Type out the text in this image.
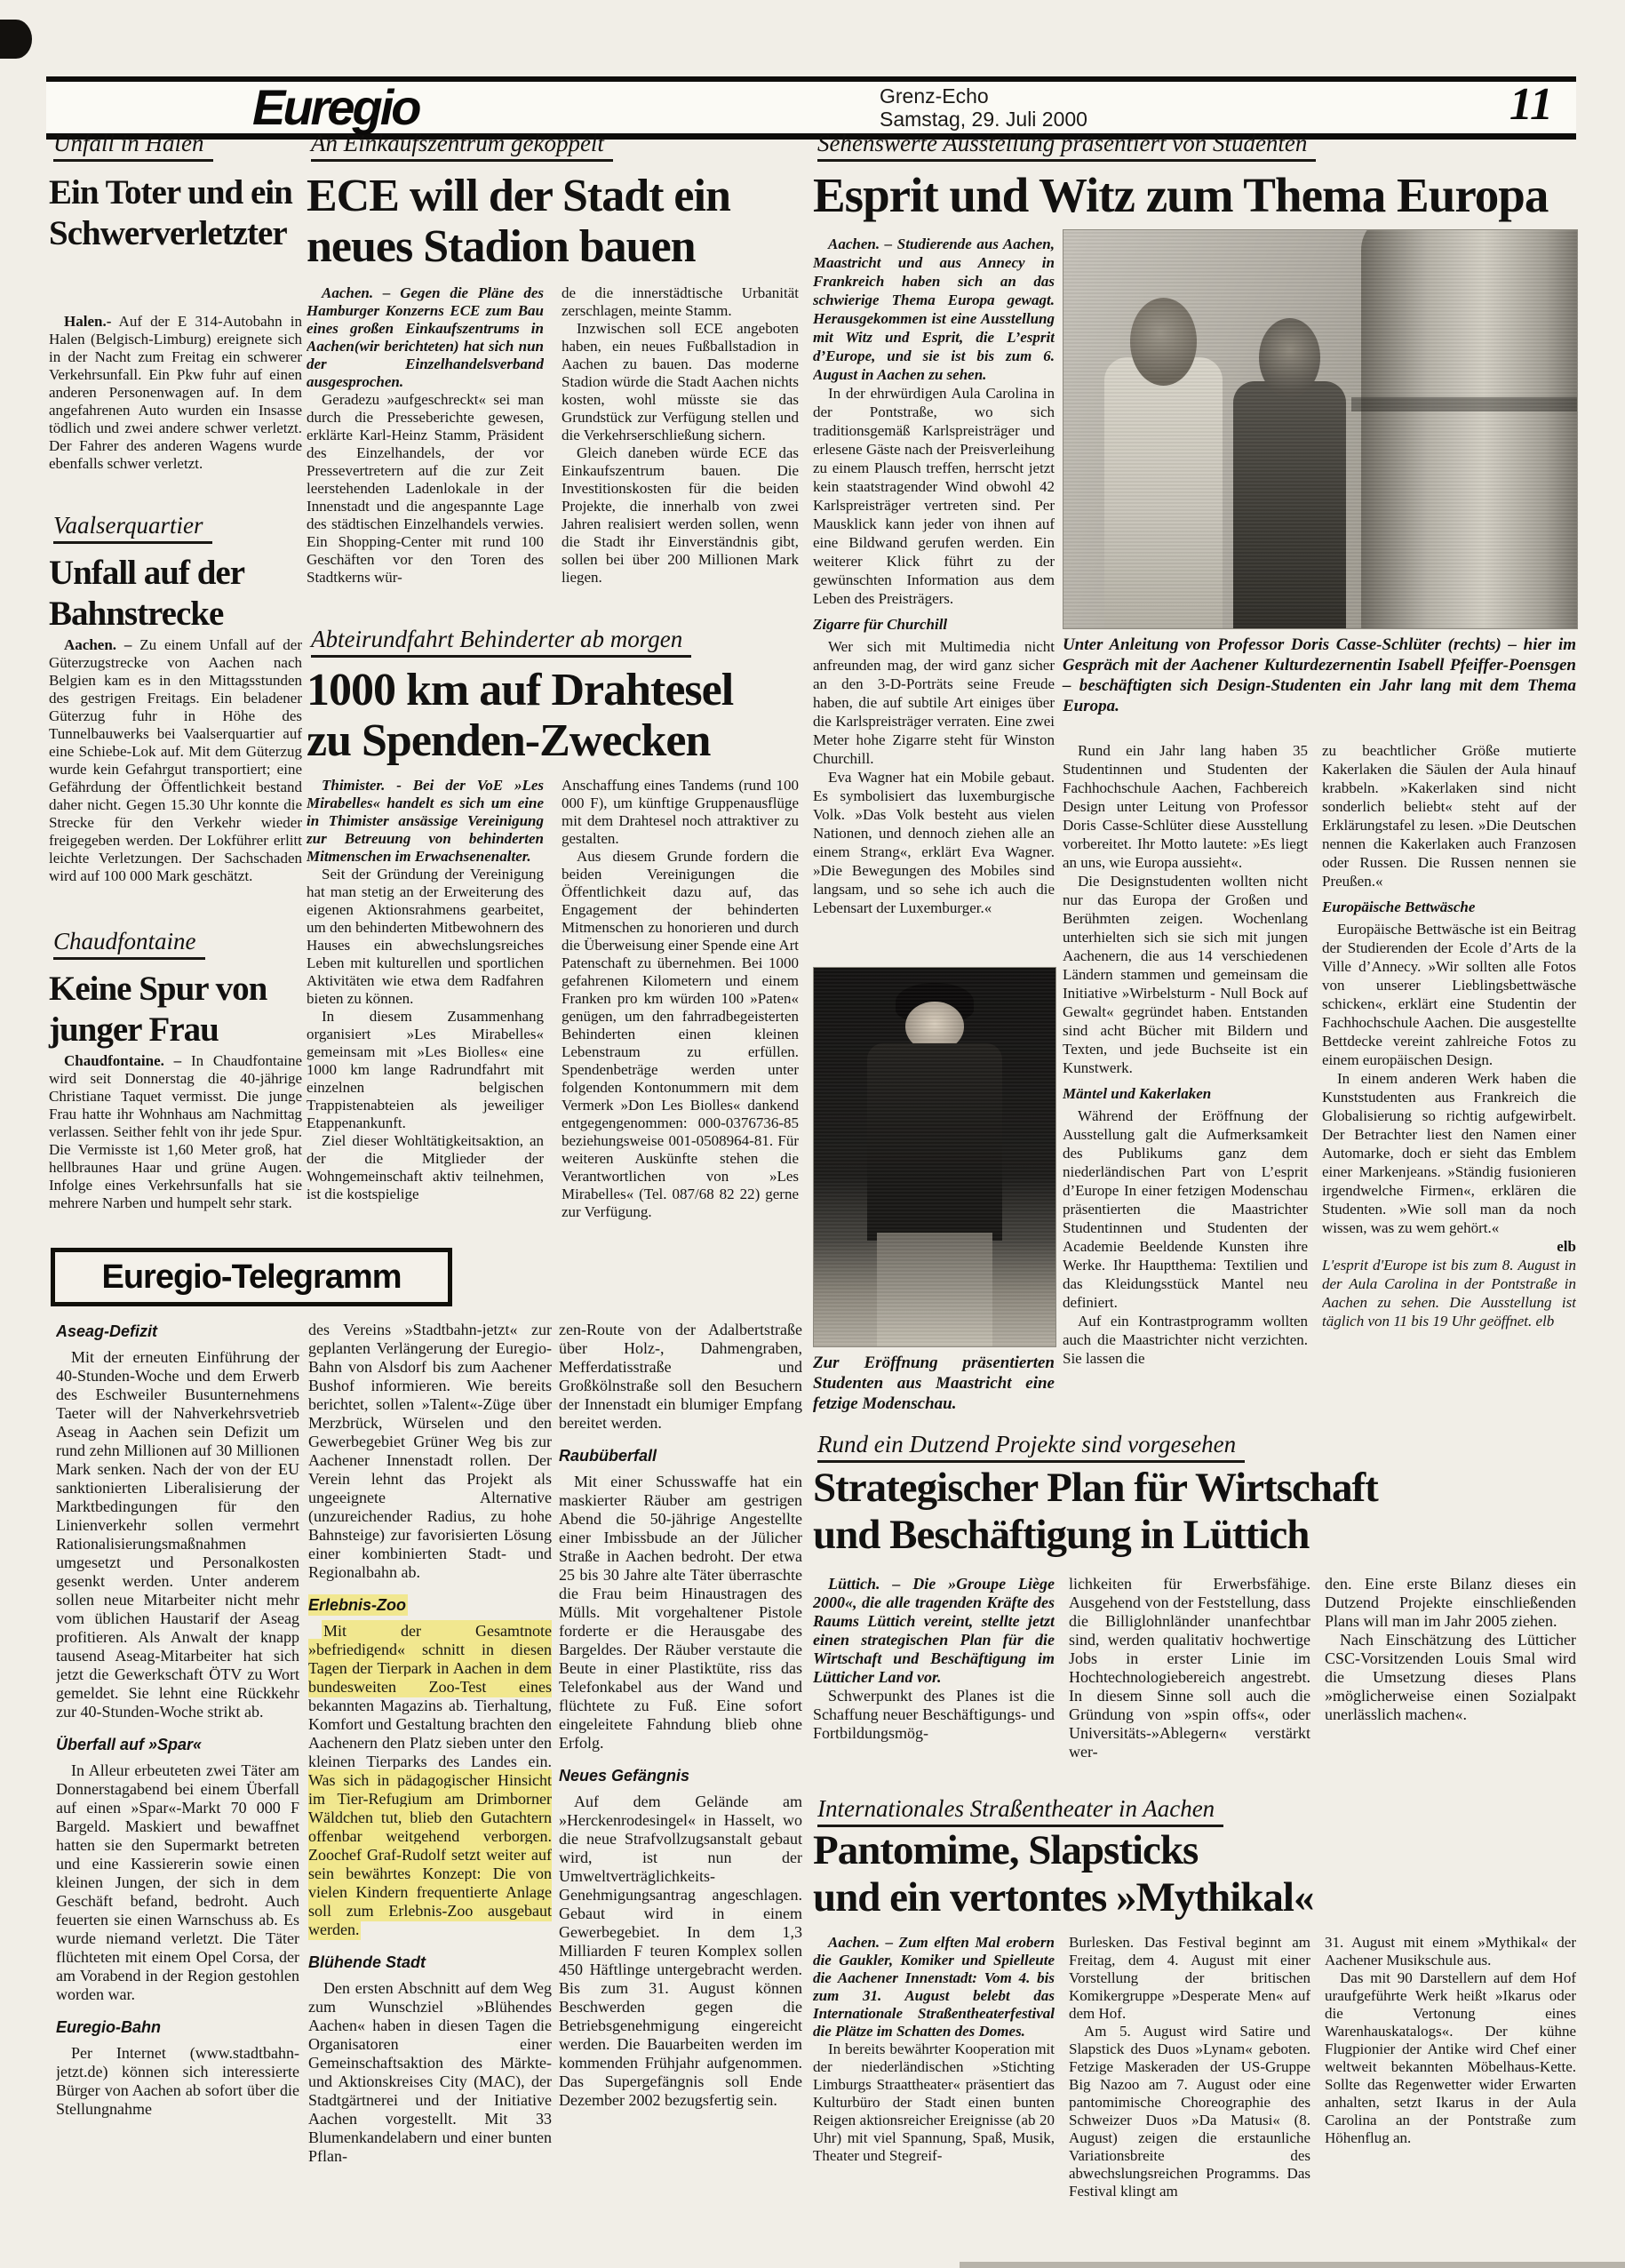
Euregio	Grenz-Echo
Samstag, 29. Juli 2000	11
Unfall in Halen
Ein Toter und ein Schwerverletzter

Halen.- Auf der E 314-Autobahn in Halen (Belgisch-Limburg) ereignete sich in der Nacht zum Freitag ein schwerer Verkehrsunfall. Ein Pkw fuhr auf einen anderen Personenwagen auf. In dem angefahrenen Auto wurden ein Insasse tödlich und zwei andere schwer verletzt. Der Fahrer des anderen Wagens wurde ebenfalls schwer verletzt.

Vaalserquartier
Unfall auf der Bahnstrecke

Aachen. – Zu einem Unfall auf der Güterzugstrecke von Aachen nach Belgien kam es in den Mittagsstunden des gestrigen Freitags. Ein beladener Güterzug fuhr in Höhe des Tunnelbauwerks bei Vaalserquartier auf eine Schiebe-Lok auf. Mit dem Güterzug wurde kein Gefahrgut transportiert; eine Gefährdung der Öffentlichkeit bestand daher nicht. Gegen 15.30 Uhr konnte die Strecke für den Verkehr wieder freigegeben werden. Der Lokführer erlitt leichte Verletzungen. Der Sachschaden wird auf 100 000 Mark geschätzt.

Chaudfontaine
Keine Spur von junger Frau

Chaudfontaine. – In Chaudfontaine wird seit Donnerstag die 40-jährige Christiane Taquet vermisst. Die junge Frau hatte ihr Wohnhaus am Nachmittag verlassen. Seither fehlt von ihr jede Spur. Die Vermisste ist 1,60 Meter groß, hat hellbraunes Haar und grüne Augen. Infolge eines Verkehrsunfalls hat sie mehrere Narben und humpelt sehr stark.

An Einkaufszentrum gekoppelt
ECE will der Stadt ein
neues Stadion bauen

Aachen. – Gegen die Pläne des Hamburger Konzerns ECE zum Bau eines großen Einkaufszentrums in Aachen(wir berichteten) hat sich nun der Einzelhandelsverband ausgesprochen.

Geradezu »aufgeschreckt« sei man durch die Presseberichte gewesen, erklärte Karl-Heinz Stamm, Präsident des Einzelhandels, der vor Pressevertretern auf die zur Zeit leerstehenden Ladenlokale in der Innenstadt und die angespannte Lage des städtischen Einzelhandels verwies. Ein Shopping-Center mit rund 100 Geschäften vor den Toren des Stadtkerns wür-

de die innerstädtische Urbanität zerschlagen, meinte Stamm.

Inzwischen soll ECE angeboten haben, ein neues Fußballstadion in Aachen zu bauen. Das moderne Stadion würde die Stadt Aachen nichts kosten, wohl müsste sie das Grundstück zur Verfügung stellen und die Verkehrserschließung sichern.

Gleich daneben würde ECE das Einkaufszentrum bauen. Die Investitionskosten für die beiden Projekte, die innerhalb von zwei Jahren realisiert werden sollen, wenn die Stadt ihr Einverständnis gibt, sollen bei über 200 Millionen Mark liegen.

Abteirundfahrt Behinderter ab morgen
1000 km auf Drahtesel
zu Spenden-Zwecken

Thimister. - Bei der VoE »Les Mirabelles« handelt es sich um eine in Thimister ansässige Vereinigung zur Betreuung von behinderten Mitmenschen im Erwachsenenalter.

Seit der Gründung der Vereinigung hat man stetig an der Erweiterung des eigenen Aktionsrahmens gearbeitet, um den behinderten Mitbewohnern des Hauses ein abwechslungsreiches Leben mit kulturellen und sportlichen Aktivitäten wie etwa dem Radfahren bieten zu können.

In diesem Zusammenhang organisiert »Les Mirabelles« gemeinsam mit »Les Biolles« eine 1000 km lange Radrundfahrt mit einzelnen belgischen Trappistenabteien als jeweiliger Etappenankunft.

Ziel dieser Wohltätigkeitsaktion, an der die Mitglieder der Wohngemeinschaft aktiv teilnehmen, ist die kostspielige

Anschaffung eines Tandems (rund 100 000 F), um künftige Gruppenausflüge mit dem Drahtesel noch attraktiver zu gestalten.

Aus diesem Grunde fordern die beiden Vereinigungen die Öffentlichkeit dazu auf, das Engagement der behinderten Mitmenschen zu honorieren und durch die Überweisung einer Spende eine Art Patenschaft zu übernehmen. Bei 1000 gefahrenen Kilometern und einem Franken pro km würden 100 »Paten« genügen, um den fahrradbegeisterten Behinderten einen kleinen Lebenstraum zu erfüllen. Spendenbeträge werden unter folgenden Kontonummern mit dem Vermerk »Don Les Biolles« dankend entgegengenommen: 000-0376736-85 beziehungsweise 001-0508964-81. Für weiteren Auskünfte stehen die Verantwortlichen von »Les Mirabelles« (Tel. 087/68 82 22) gerne zur Verfügung.

Sehenswerte Ausstellung präsentiert von Studenten
Esprit und Witz zum Thema Europa
Unter Anleitung von Professor Doris Casse-Schlüter (rechts) – hier im Gespräch mit der Aachener Kulturdezernentin Isabell Pfeiffer-Poensgen – beschäftigten sich Design-Studenten ein Jahr lang mit dem Thema Europa.

Aachen. – Studierende aus Aachen, Maastricht und aus Annecy in Frankreich haben sich an das schwierige Thema Europa gewagt. Herausgekommen ist eine Ausstellung mit Witz und Esprit, die L’esprit d’Europe, und sie ist bis zum 6. August in Aachen zu sehen.

In der ehrwürdigen Aula Carolina in der Pontstraße, wo sich traditionsgemäß Karlspreisträger und erlesene Gäste nach der Preisverleihung zu einem Plausch treffen, herrscht jetzt kein staatstragender Wind obwohl 42 Karlspreisträger vertreten sind. Per Mausklick kann jeder von ihnen auf eine Bildwand gerufen werden. Ein weiterer Klick führt zu der gewünschten Information aus dem Leben des Preisträgers.

Zigarre für Churchill

Wer sich mit Multimedia nicht anfreunden mag, der wird ganz sicher an den 3-D-Porträts seine Freude haben, die auf subtile Art einiges über die Karlspreisträger verraten. Eine zwei Meter hohe Zigarre steht für Winston Churchill.

Eva Wagner hat ein Mobile gebaut. Es symbolisiert das luxemburgische Volk. »Das Volk besteht aus vielen Nationen, und dennoch ziehen alle an einem Strang«, erklärt Eva Wagner. »Die Bewegungen des Mobiles sind langsam, und so sehe ich auch die Lebensart der Luxemburger.«

Zur Eröffnung präsentierten Studenten aus Maastricht eine fetzige Modenschau.

Rund ein Jahr lang haben 35 Studentinnen und Studenten der Fachhochschule Aachen, Fachbereich Design unter Leitung von Professor Doris Casse-Schlüter diese Ausstellung vorbereitet. Ihr Motto lautete: »Es liegt an uns, wie Europa aussieht«.

Die Designstudenten wollten nicht nur das Europa der Großen und Berühmten zeigen. Wochenlang unterhielten sich sie sich mit jungen Aachenern, die aus 14 verschiedenen Ländern stammen und gemeinsam die Initiative »Wirbelsturm - Null Bock auf Gewalt« gegründet haben. Entstanden sind acht Bücher mit Bildern und Texten, und jede Buchseite ist ein Kunstwerk.

Mäntel und Kakerlaken

Während der Eröffnung der Ausstellung galt die Aufmerksamkeit des Publikums ganz dem niederländischen Part von L’esprit d’Europe In einer fetzigen Modenschau präsentierten die Maastrichter Studentinnen und Studenten der Academie Beeldende Kunsten ihre Werke. Ihr Hauptthema: Textilien und das Kleidungsstück Mantel neu definiert.

Auf ein Kontrastprogramm wollten auch die Maastrichter nicht verzichten. Sie lassen die

zu beachtlicher Größe mutierte Kakerlaken die Säulen der Aula hinauf krabbeln. »Kakerlaken sind nicht sonderlich beliebt« steht auf der Erklärungstafel zu lesen. »Die Deutschen nennen die Kakerlaken auch Franzosen oder Russen. Die Russen nennen sie Preußen.«

Europäische Bettwäsche

Europäische Bettwäsche ist ein Beitrag der Studierenden der Ecole d’Arts de la Ville d’Annecy. »Wir sollten alle Fotos von unserer Lieblingsbettwäsche schicken«, erklärt eine Studentin der Fachhochschule Aachen. Die ausgestellte Bettdecke vereint zahlreiche Fotos zu einem europäischen Design.

In einem anderen Werk haben die Kunststudenten aus Frankreich die Globalisierung so richtig aufgewirbelt. Der Betrachter liest den Namen einer Automarke, doch er sieht das Emblem einer Markenjeans. »Ständig fusionieren irgendwelche Firmen«, erklären die Studenten. »Wie soll man da noch wissen, was zu wem gehört.«

elb

L'esprit d'Europe ist bis zum 8. August in der Aula Carolina in der Pontstraße in Aachen zu sehen. Die Ausstellung ist täglich von 11 bis 19 Uhr geöffnet. elb

Euregio-Telegramm

Aseag-Defizit

Mit der erneuten Einführung der 40-Stunden-Woche und dem Erwerb des Eschweiler Busunternehmens Taeter will der Nahverkehrsvetrieb Aseag in Aachen sein Defizit um rund zehn Millionen auf 30 Millionen Mark senken. Nach der von der EU sanktionierten Liberalisierung der Marktbedingungen für den Linienverkehr sollen vermehrt Rationalisierungsmaßnahmen umgesetzt und Personalkosten gesenkt werden. Unter anderem sollen neue Mitarbeiter nicht mehr vom üblichen Haustarif der Aseag profitieren. Als Anwalt der knapp tausend Aseag-Mitarbeiter hat sich jetzt die Gewerkschaft ÖTV zu Wort gemeldet. Sie lehnt eine Rückkehr zur 40-Stunden-Woche strikt ab.

Überfall auf »Spar«

In Alleur erbeuteten zwei Täter am Donnerstagabend bei einem Überfall auf einen »Spar«-Markt 70 000 F Bargeld. Maskiert und bewaffnet hatten sie den Supermarkt betreten und eine Kassiererin sowie einen kleinen Jungen, der sich in dem Geschäft befand, bedroht. Auch feuerten sie einen Warnschuss ab. Es wurde niemand verletzt. Die Täter flüchteten mit einem Opel Corsa, der am Vorabend in der Region gestohlen worden war.

Euregio-Bahn

Per Internet (www.stadtbahn-jetzt.de) können sich interessierte Bürger von Aachen ab sofort über die Stellungnahme

des Vereins »Stadtbahn-jetzt« zur geplanten Verlängerung der Euregio-Bahn von Alsdorf bis zum Aachener Bushof informieren. Wie bereits berichtet, sollen »Talent«-Züge über Merzbrück, Würselen und den Gewerbegebiet Grüner Weg bis zur Aachener Innenstadt rollen. Der Verein lehnt das Projekt als ungeeignete Alternative (unzureichender Radius, zu hohe Bahnsteige) zur favorisierten Lösung einer kombinierten Stadt- und Regionalbahn ab.

Erlebnis-Zoo

Mit der Gesamtnote »befriedigend« schnitt in diesen Tagen der Tierpark in Aachen in dem bundesweiten Zoo-Test eines bekannten Magazins ab. Tierhaltung, Komfort und Gestaltung brachten den Aachenern den Platz sieben unter den kleinen Tierparks des Landes ein. Was sich in pädagogischer Hinsicht im Tier-Refugium am Drimborner Wäldchen tut, blieb den Gutachtern offenbar weitgehend verborgen. Zoochef Graf-Rudolf setzt weiter auf sein bewährtes Konzept: Die von vielen Kindern frequentierte Anlage soll zum Erlebnis-Zoo ausgebaut werden.

Blühende Stadt

Den ersten Abschnitt auf dem Weg zum Wunschziel »Blühendes Aachen« haben in diesen Tagen die Organisatoren einer Gemeinschaftsaktion des Märkte- und Aktionskreises City (MAC), der Stadtgärtnerei und der Initiative Aachen vorgestellt. Mit 33 Blumenkandelabern und einer bunten Pflan-

zen-Route von der Adalbertstraße über Holz-, Dahmengraben, Mefferdatisstraße und Großkölnstraße soll den Besuchern der Innenstadt ein blumiger Empfang bereitet werden.

Raubüberfall

Mit einer Schusswaffe hat ein maskierter Räuber am gestrigen Abend die 50-jährige Angestellte einer Imbissbude an der Jülicher Straße in Aachen bedroht. Der etwa 25 bis 30 Jahre alte Täter überraschte die Frau beim Hinaustragen des Mülls. Mit vorgehaltener Pistole forderte er die Herausgabe des Bargeldes. Der Räuber verstaute die Beute in einer Plastiktüte, riss das Telefonkabel aus der Wand und flüchtete zu Fuß. Eine sofort eingeleitete Fahndung blieb ohne Erfolg.

Neues Gefängnis

Auf dem Gelände am »Herckenrodesingel« in Hasselt, wo die neue Strafvollzugsanstalt gebaut wird, ist nun der Umweltverträglichkeits-Genehmigungsantrag angeschlagen. Gebaut wird in einem Gewerbegebiet. In dem 1,3 Milliarden F teuren Komplex sollen 450 Häftlinge untergebracht werden. Bis zum 31. August können Beschwerden gegen die Betriebsgenehmigung eingereicht werden. Die Bauarbeiten werden im kommenden Frühjahr aufgenommen. Das Supergefängnis soll Ende Dezember 2002 bezugsfertig sein.

Rund ein Dutzend Projekte sind vorgesehen
Strategischer Plan für Wirtschaft
und Beschäftigung in Lüttich

Lüttich. – Die »Groupe Liège 2000«, die alle tragenden Kräfte des Raums Lüttich vereint, stellte jetzt einen strategischen Plan für die Wirtschaft und Beschäftigung im Lütticher Land vor.

Schwerpunkt des Planes ist die Schaffung neuer Beschäftigungs- und Fortbildungsmög-

lichkeiten für Erwerbsfähige. Ausgehend von der Feststellung, dass die Billiglohnländer unanfechtbar sind, werden qualitativ hochwertige Jobs in erster Linie im Hochtechnologiebereich angestrebt. In diesem Sinne soll auch die Gründung von »spin offs«, oder Universitäts-»Ablegern« verstärkt wer-

den. Eine erste Bilanz dieses ein Dutzend Projekte einschließenden Plans will man im Jahr 2005 ziehen.

Nach Einschätzung des Lütticher CSC-Vorsitzenden Louis Smal wird die Umsetzung dieses Plans »möglicherweise einen Sozialpakt unerlässlich machen«.

Internationales Straßentheater in Aachen
Pantomime, Slapsticks
und ein vertontes »Mythikal«

Aachen. – Zum elften Mal erobern die Gaukler, Komiker und Spielleute die Aachener Innenstadt: Vom 4. bis zum 31. August belebt das Internationale Straßentheaterfestival die Plätze im Schatten des Domes.

In bereits bewährter Kooperation mit der niederländischen »Stichting Limburgs Straattheater« präsentiert das Kulturbüro der Stadt einen bunten Reigen aktionsreicher Ereignisse (ab 20 Uhr) mit viel Spannung, Spaß, Musik, Theater und Stegreif-

Burlesken. Das Festival beginnt am Freitag, dem 4. August mit einer Vorstellung der britischen Komikergruppe »Desperate Men« auf dem Hof.

Am 5. August wird Satire und Slapstick des Duos »Lynam« geboten. Fetzige Maskeraden der US-Gruppe Big Nazoo am 7. August oder eine pantomimische Choreographie des Schweizer Duos »Da Matusi« (8. August) zeigen die erstaunliche Variationsbreite des abwechslungsreichen Programms. Das Festival klingt am

31. August mit einem »Mythikal« der Aachener Musikschule aus.

Das mit 90 Darstellern auf dem Hof uraufgeführte Werk heißt »Ikarus oder die Vertonung eines Warenhauskatalogs«. Der kühne Flugpionier der Antike wird Chef einer weltweit bekannten Möbelhaus-Kette. Sollte das Regenwetter wider Erwarten anhalten, setzt Ikarus in der Aula Carolina an der Pontstraße zum Höhenflug an.
